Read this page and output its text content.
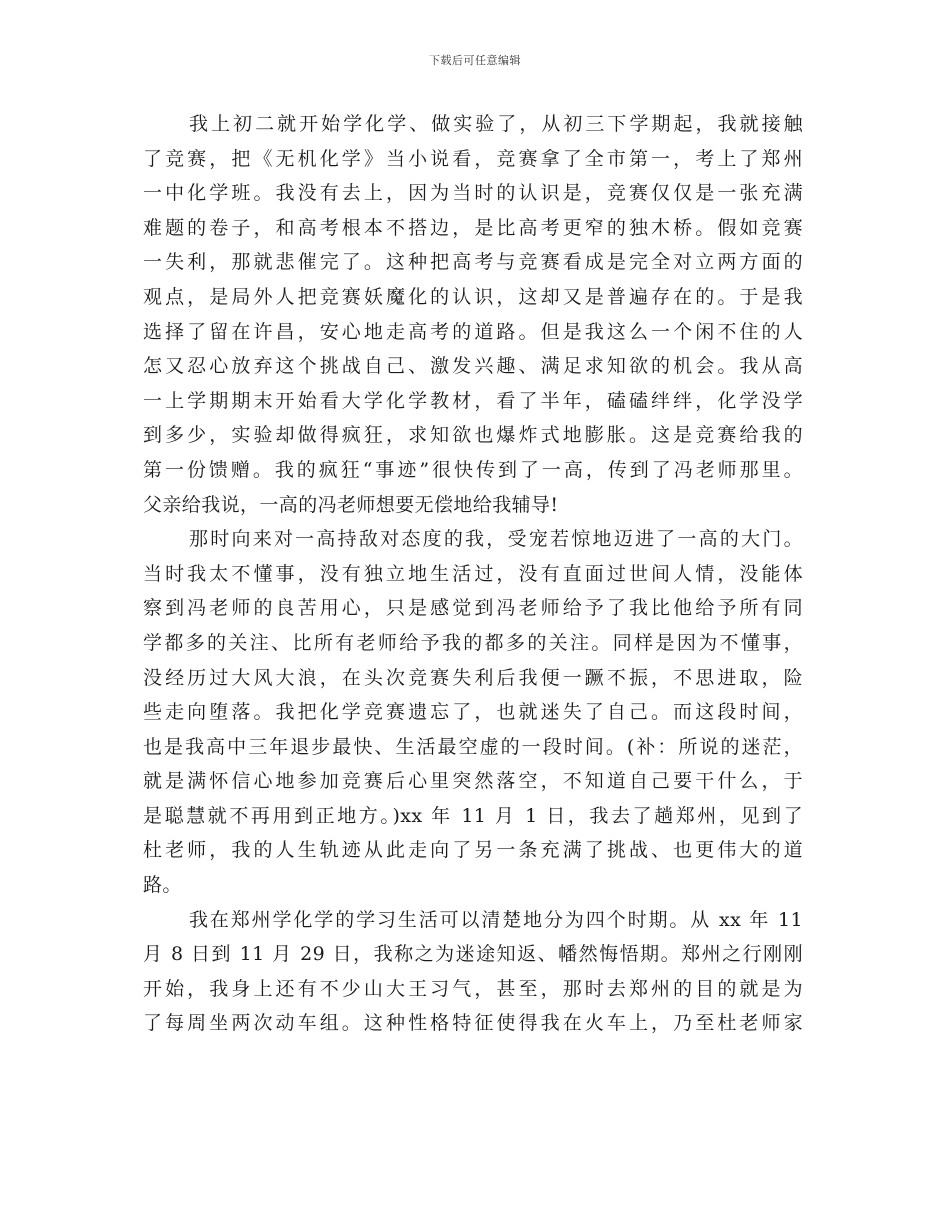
下载后可任意编辑
我上初二就开始学化学、做实验了，从初三下学期起，我就接触
了竞赛，把《无机化学》当小说看，竞赛拿了全市第一，考上了郑州
一中化学班。我没有去上，因为当时的认识是，竞赛仅仅是一张充满
难题的卷子，和高考根本不搭边，是比高考更窄的独木桥。假如竞赛
一失利，那就悲催完了。这种把高考与竞赛看成是完全对立两方面的
观点，是局外人把竞赛妖魔化的认识，这却又是普遍存在的。于是我
选择了留在许昌，安心地走高考的道路。但是我这么一个闲不住的人
怎又忍心放弃这个挑战自己、激发兴趣、满足求知欲的机会。我从高
一上学期期末开始看大学化学教材，看了半年，磕磕绊绊，化学没学
到多少，实验却做得疯狂，求知欲也爆炸式地膨胀。这是竞赛给我的
第一份馈赠。我的疯狂“事迹”很快传到了一高，传到了冯老师那里。
父亲给我说，一高的冯老师想要无偿地给我辅导!
那时向来对一高持敌对态度的我，受宠若惊地迈进了一高的大门。
当时我太不懂事，没有独立地生活过，没有直面过世间人情，没能体
察到冯老师的良苦用心，只是感觉到冯老师给予了我比他给予所有同
学都多的关注、比所有老师给予我的都多的关注。同样是因为不懂事，
没经历过大风大浪，在头次竞赛失利后我便一蹶不振，不思进取，险
些走向堕落。我把化学竞赛遗忘了，也就迷失了自己。而这段时间，
也是我高中三年退步最快、生活最空虚的一段时间。(补：所说的迷茫，
就是满怀信心地参加竞赛后心里突然落空，不知道自己要干什么，于
是聪慧就不再用到正地方。)xx 年 11 月 1 日，我去了趟郑州，见到了
杜老师，我的人生轨迹从此走向了另一条充满了挑战、也更伟大的道
路。
我在郑州学化学的学习生活可以清楚地分为四个时期。从 xx 年 11
月 8 日到 11 月 29 日，我称之为迷途知返、幡然悔悟期。郑州之行刚刚
开始，我身上还有不少山大王习气，甚至，那时去郑州的目的就是为
了每周坐两次动车组。这种性格特征使得我在火车上，乃至杜老师家
